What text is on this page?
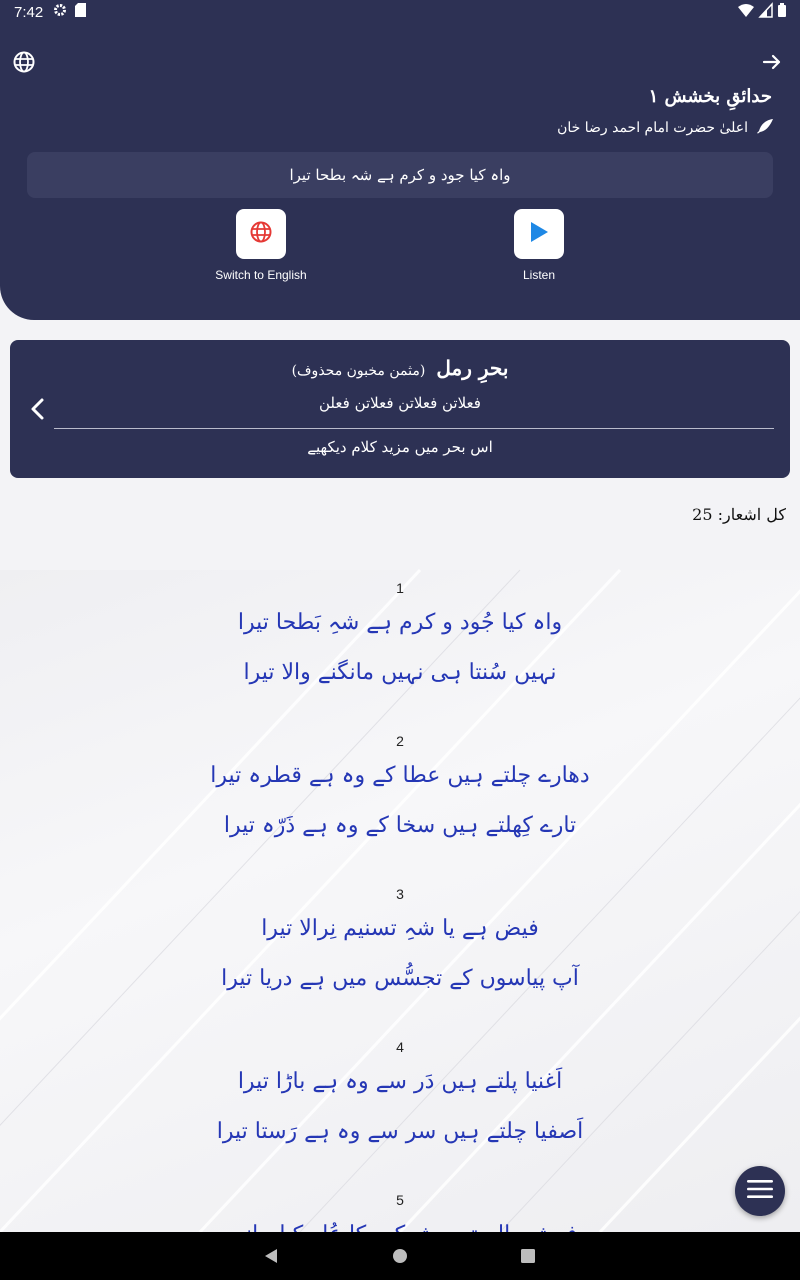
7:42
حدائقِ بخشش ۱
اعلیٰ حضرت امام احمد رضا خان
واہ کیا جود و کرم ہے شہ بطحا تیرا
Switch to English	Listen
بحرِ رمل (مثمن مخبون محذوف)
فعلاتن فعلاتن فعلاتن فعلن
اس بحر میں مزید کلام دیکھیے
کل اشعار: 25
1
واہ کیا جُود و کرم ہے شہِ بَطحا تیرا
نہیں سُنتا ہی نہیں مانگنے والا تیرا
2
دھارے چلتے ہیں عطا کے وہ ہے قطرہ تیرا
تارے کِھلتے ہیں سخا کے وہ ہے ذَرّہ تیرا
3
فیض ہے یا شہِ تسنیم نِرالا تیرا
آپ پیاسوں کے تجسُّس میں ہے دریا تیرا
4
اَغنیا پلتے ہیں دَر سے وہ ہے باڑا تیرا
اَصفیا چلتے ہیں سر سے وہ ہے رَستا تیرا
5
